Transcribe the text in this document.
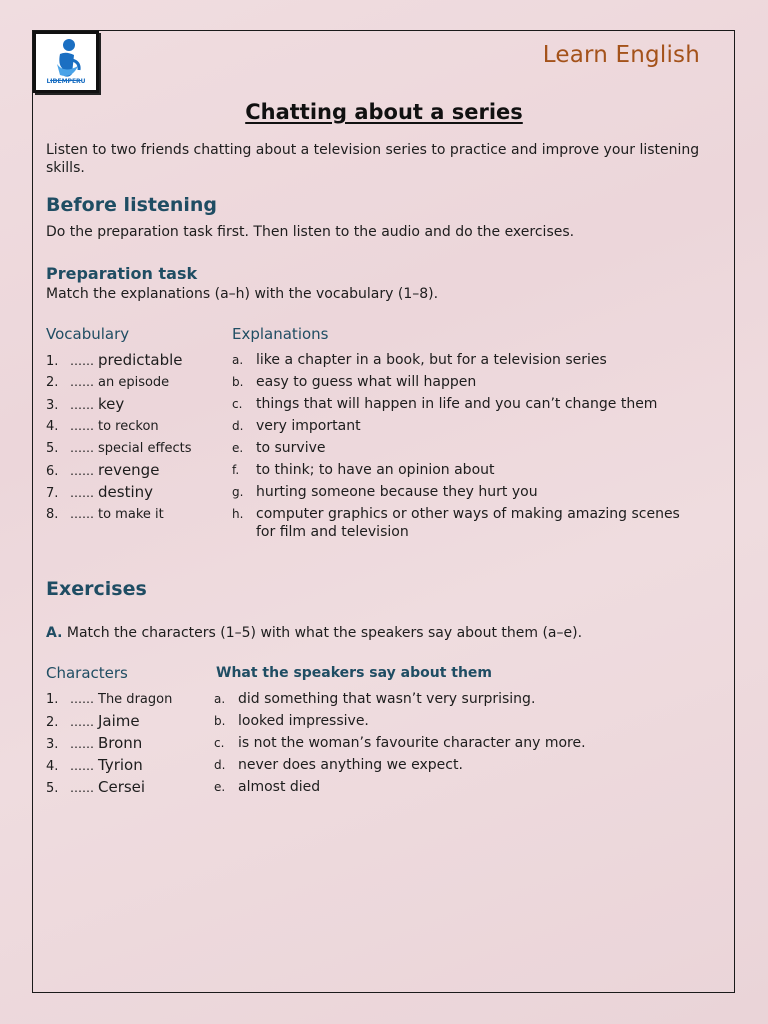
LIDEMPERU
Learn English
Chatting about a series
Listen to two friends chatting about a television series to practice and improve your listening skills.
Before listening
Do the preparation task first. Then listen to the audio and do the exercises.
Preparation task
Match the explanations (a–h) with the vocabulary (1–8).
Vocabulary	Explanations
1. …… predictable
2. …… an episode
3. …… key
4. …… to reckon
5. …… special effects
6. …… revenge
7. …… destiny
8. …… to make it
a. like a chapter in a book, but for a television series
b. easy to guess what will happen
c. things that will happen in life and you can’t change them
d. very important
e. to survive
f. to think; to have an opinion about
g. hurting someone because they hurt you
h. computer graphics or other ways of making amazing scenes
for film and television
Exercises
A. Match the characters (1–5) with what the speakers say about them (a–e).
Characters	What the speakers say about them
1. …… The dragon
2. …… Jaime
3. …… Bronn
4. …… Tyrion
5. …… Cersei
a. did something that wasn’t very surprising.
b. looked impressive.
c. is not the woman’s favourite character any more.
d. never does anything we expect.
e. almost died
